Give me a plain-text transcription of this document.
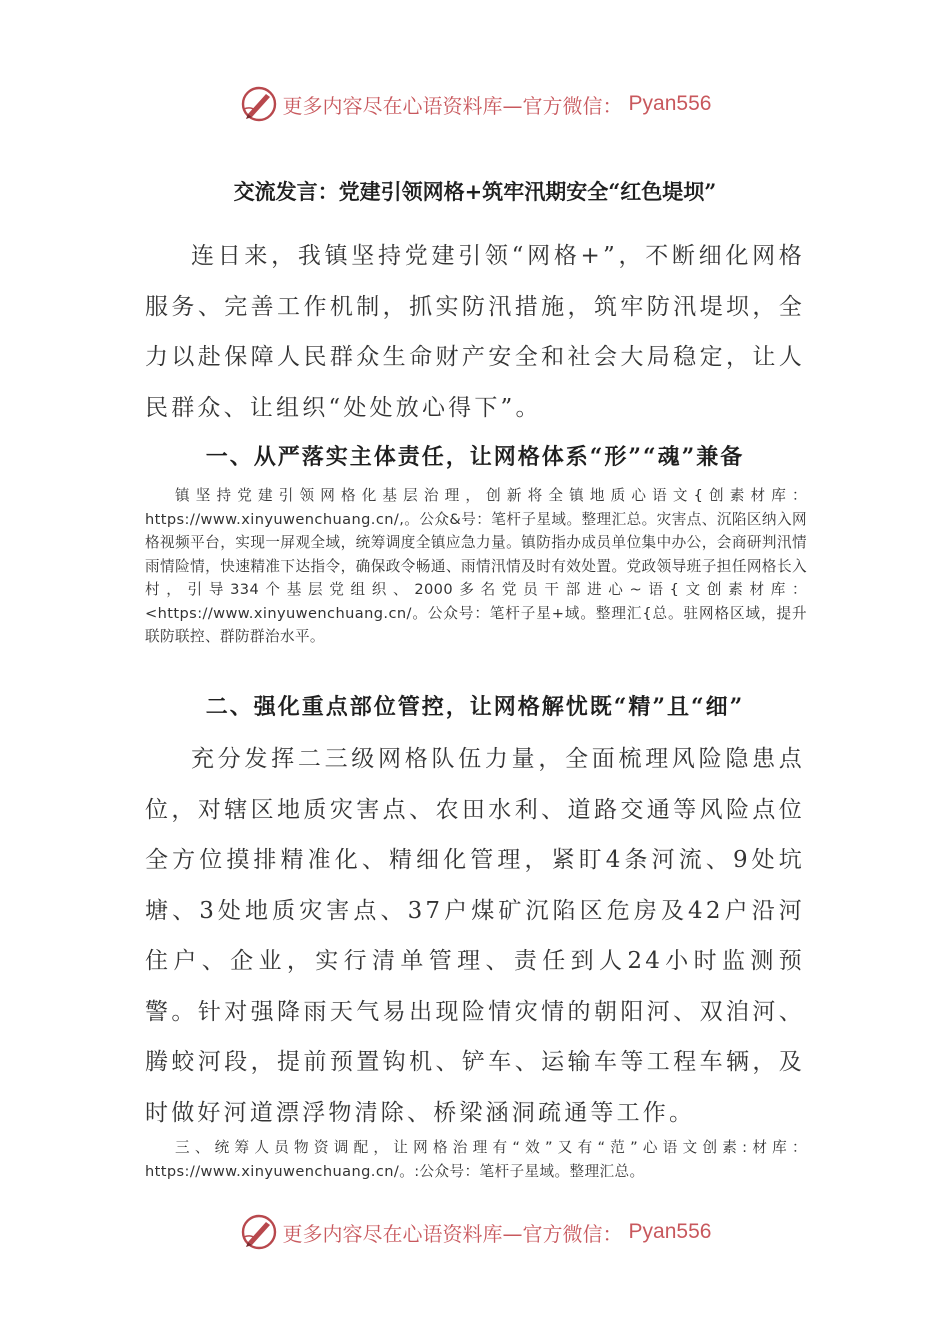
更多内容尽在心语资料库—官方微信： Pyan556
交流发言：党建引领网格+筑牢汛期安全“红色堤坝”

连日来，我镇坚持党建引领“网格+”，不断细化网格服务、完善工作机制，抓实防汛措施，筑牢防汛堤坝，全力以赴保障人民群众生命财产安全和社会大局稳定，让人民群众、让组织“处处放心得下”。

一、从严落实主体责任，让网格体系“形”“魂”兼备

镇坚持党建引领网格化基层治理，创新将全镇地质心语文{创素材库：https://www.xinyuwenchuang.cn/,。公众&号：笔杆子星域。整理汇总。灾害点、沉陷区纳入网格视频平台，实现一屏观全域，统筹调度全镇应急力量。镇防指办成员单位集中办公，会商研判汛情雨情险情，快速精准下达指令，确保政令畅通、雨情汛情及时有效处置。党政领导班子担任网格长入村，引导334个基层党组织、2000多名党员干部进心~语{文创素材库：<https://www.xinyuwenchuang.cn/。公众号：笔杆子星+域。整理汇{总。驻网格区域，提升联防联控、群防群治水平。

二、强化重点部位管控，让网格解忧既“精”且“细”

充分发挥二三级网格队伍力量，全面梳理风险隐患点位，对辖区地质灾害点、农田水利、道路交通等风险点位全方位摸排精准化、精细化管理，紧盯4条河流、9处坑塘、3处地质灾害点、37户煤矿沉陷区危房及42户沿河住户、企业，实行清单管理、责任到人24小时监测预警。针对强降雨天气易出现险情灾情的朝阳河、双洎河、腾蛟河段，提前预置钩机、铲车、运输车等工程车辆，及时做好河道漂浮物清除、桥梁涵洞疏通等工作。

三、统筹人员物资调配，让网格治理有“效”又有“范”心语文创素:材库：https://www.xinyuwenchuang.cn/。:公众号：笔杆子星域。整理汇总。

更多内容尽在心语资料库—官方微信： Pyan556
